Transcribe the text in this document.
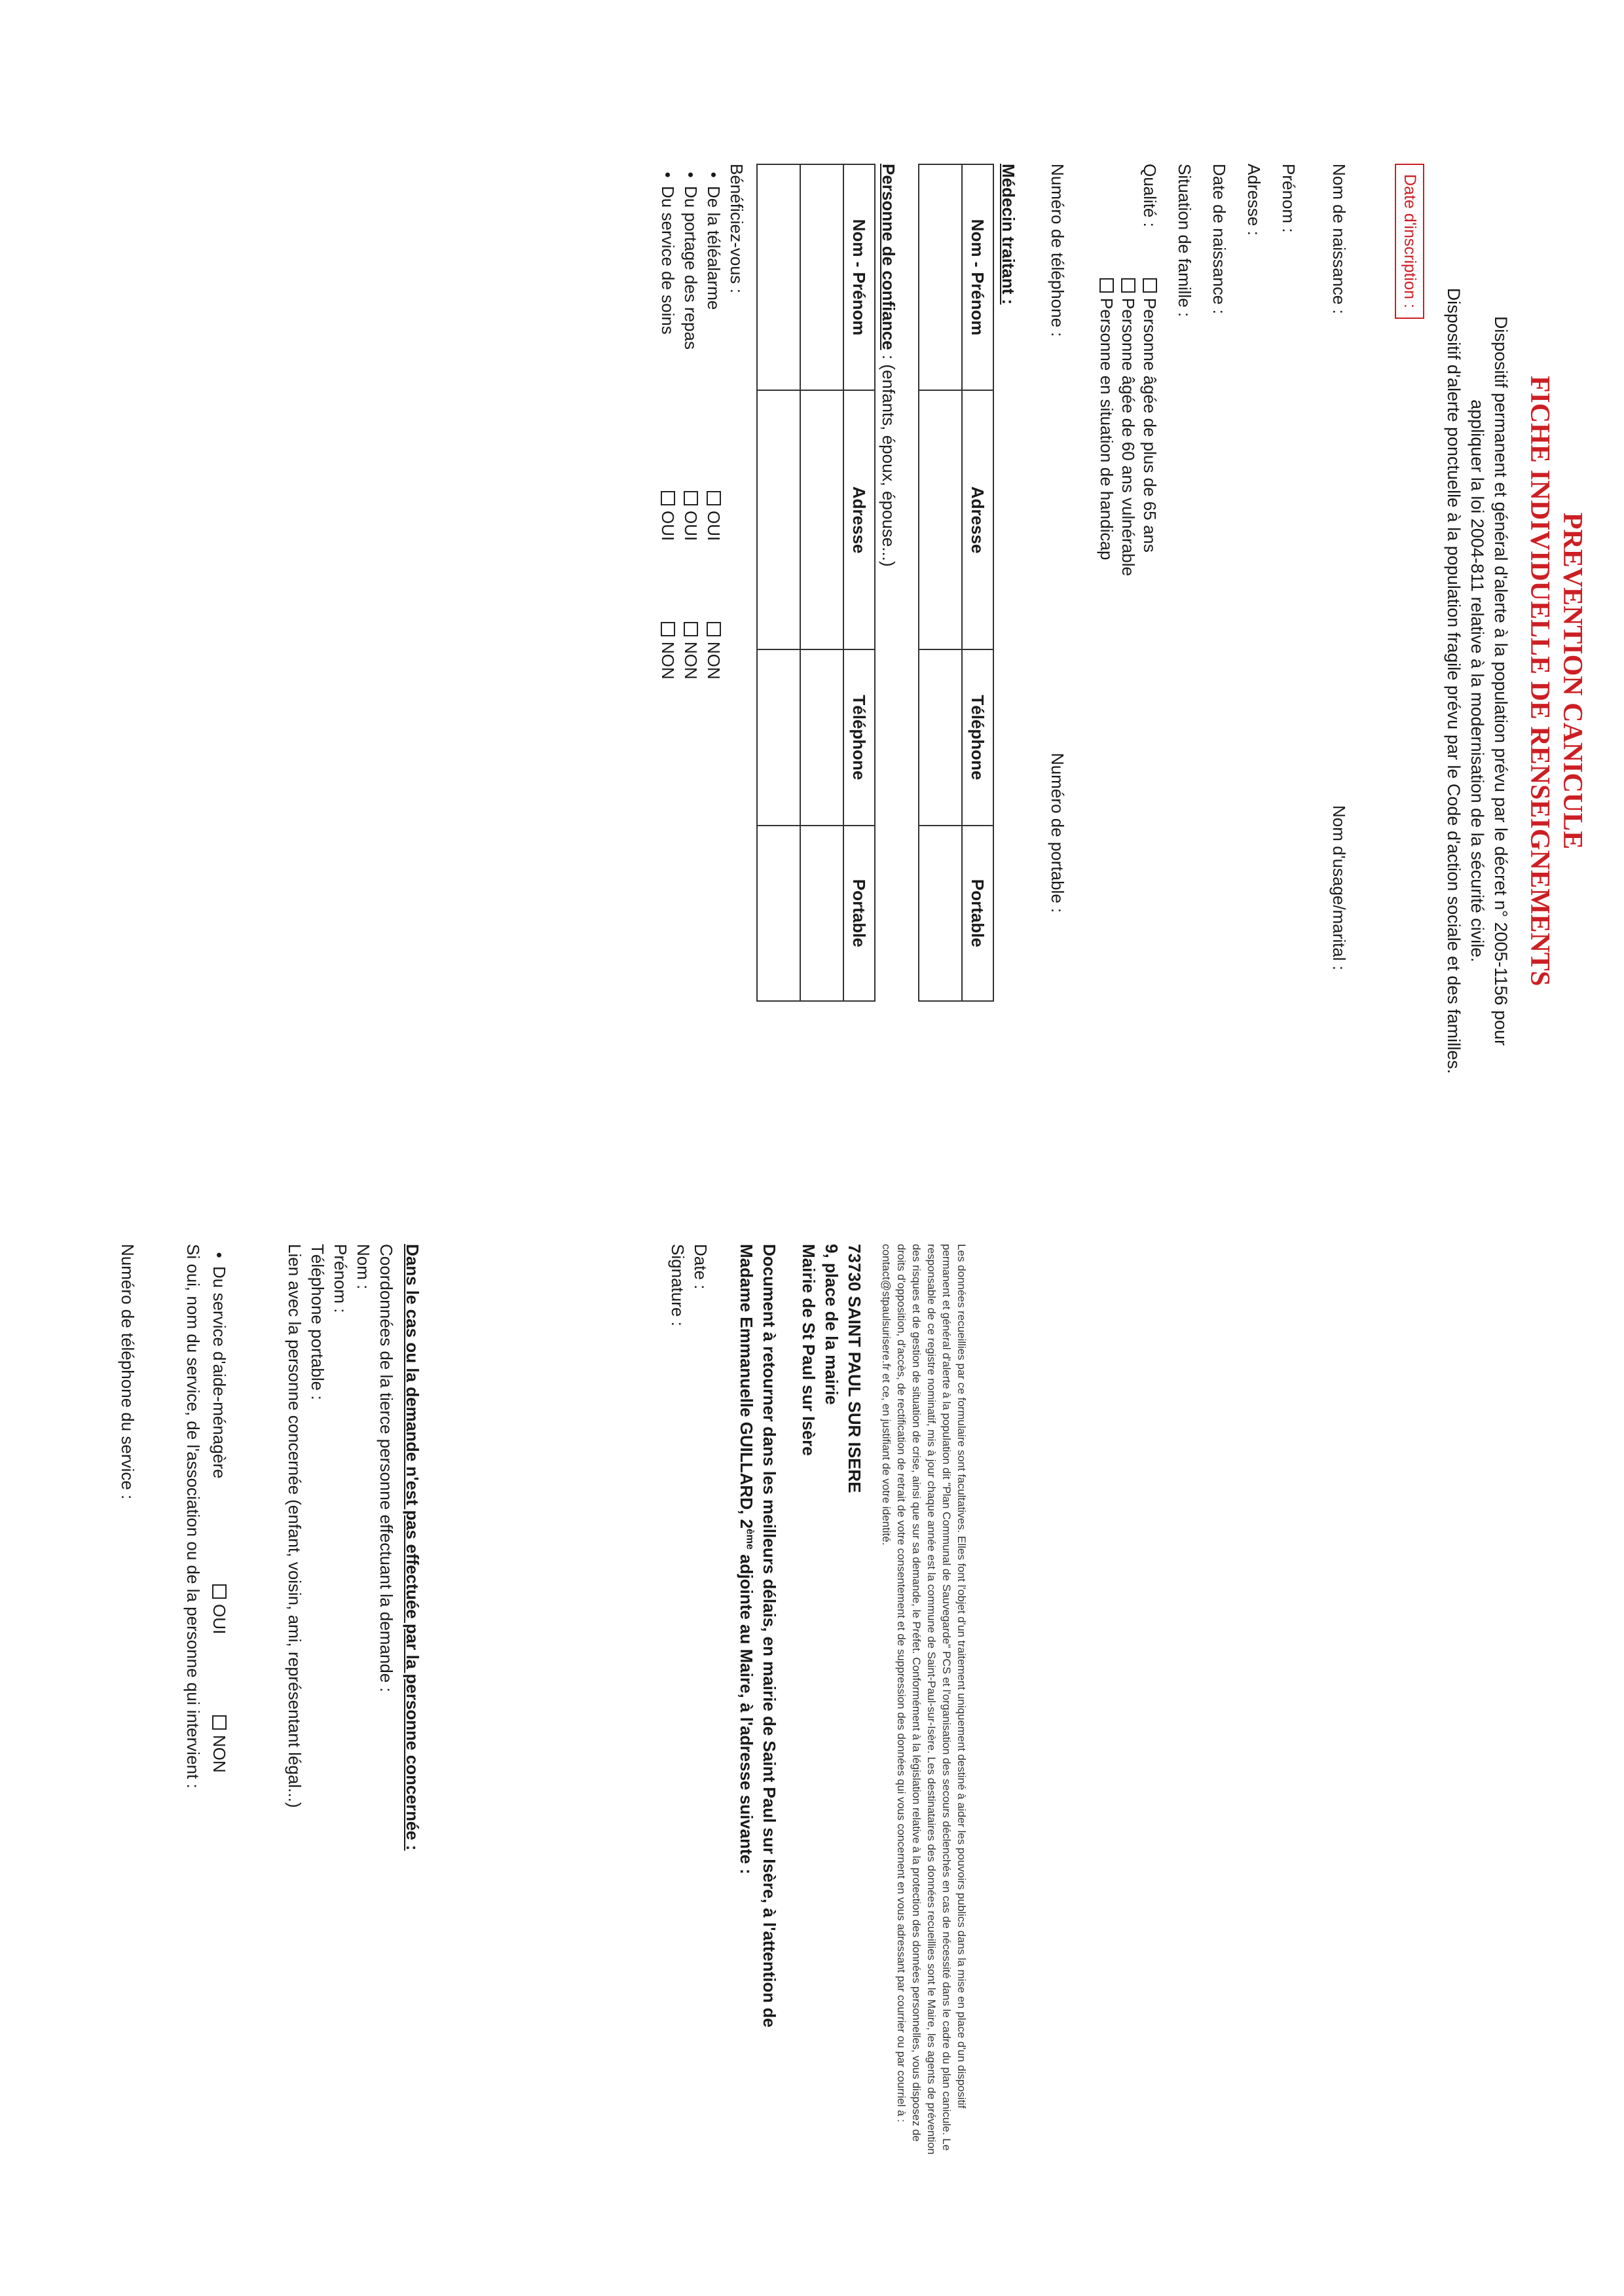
PREVENTION CANICULE
FICHE INDIVIDUELLE DE RENSEIGNEMENTS
Dispositif permanent et général d'alerte à la population prévu par le décret n° 2005-1156 pour
appliquer la loi 2004-811 relative à la modernisation de la sécurité civile.
Dispositif d'alerte ponctuelle à la population fragile prévu par le Code d'action sociale et des familles.
Date d'inscription :
Nom de naissance :
Nom d'usage/marital :
Prénom :
Adresse :
Date de naissance :
Situation de famille :
Qualité :
Personne âgée de plus de 65 ans
Personne âgée de 60 ans vulnérable
Personne en situation de handicap
Numéro de téléphone :
Numéro de portable :
Médecin traitant :
Nom - Prénom	Adresse	Téléphone	Portable

Personne de confiance : (enfants, époux, épouse...)
Nom - Prénom	Adresse	Téléphone	Portable

Bénéficiez-vous :
• De la téléalarme
OUI
NON
• Du portage des repas
OUI
NON
• Du service de soins
OUI
NON
• Du service d'aide-ménagère
OUI
NON
Si oui, nom du service, de l'association ou de la personne qui intervient :
Numéro de téléphone du service :	Dans le cas ou la demande n'est pas effectuée par la personne concernée :
Coordonnées de la tierce personne effectuant la demande :
Nom :
Prénom :
Téléphone portable :
Lien avec la personne concernée (enfant, voisin, ami, représentant légal...)	Date :
Signature :	Document à retourner dans les meilleurs délais, en mairie de Saint Paul sur Isère, à l'attention de
Madame Emmanuelle GUILLARD, 2ème adjointe au Maire, à l'adresse suivante :
Mairie de St Paul sur Isère 9, place de la mairie 73730 SAINT PAUL SUR ISERE	Les données recueillies par ce formulaire sont facultatives. Elles font l'objet d'un traitement uniquement destiné à aider les pouvoirs publics dans la mise en place d'un dispositif permanent et général d'alerte à la population dit "Plan Communal de Sauvegarde" PCS et l'organisation des secours déclenchés en cas de nécessité dans le cadre du plan canicule. Le responsable de ce registre nominatif, mis à jour chaque année est la commune de Saint-Paul-sur-Isère. Les destinataires des données recueillies sont le Maire, les agents de prévention des risques et de gestion de situation de crise, ainsi que sur sa demande, le Préfet. Conformément à la législation relative à la protection des données personnelles, vous disposez de droits d'opposition, d'accès, de rectification de retrait de votre consentement et de suppression des données qui vous concernent en vous adressant par courrier ou par courriel à : contact@stpaulsurisere.fr et ce, en justifiant de votre identité.
